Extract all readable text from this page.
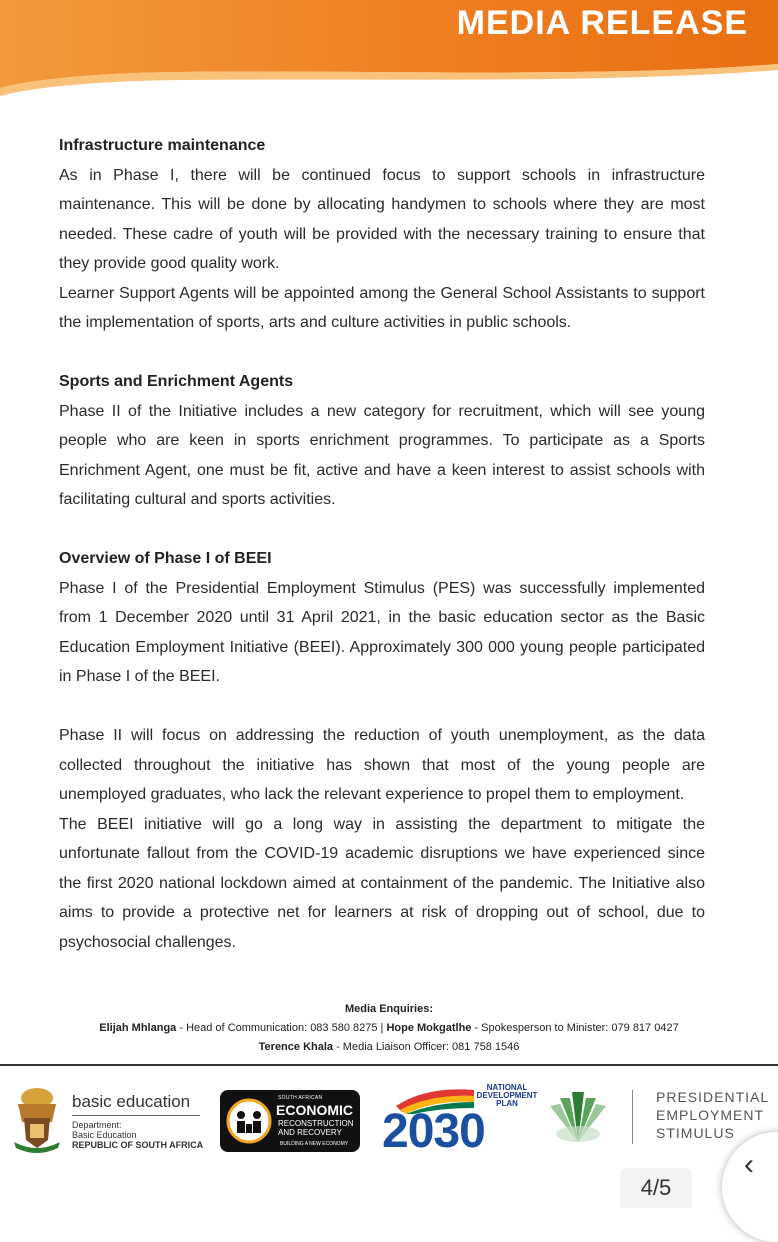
MEDIA RELEASE
Infrastructure maintenance

As in Phase I, there will be continued focus to support schools in infrastructure maintenance. This will be done by allocating handymen to schools where they are most needed. These cadre of youth will be provided with the necessary training to ensure that they provide good quality work.

Learner Support Agents will be appointed among the General School Assistants to support the implementation of sports, arts and culture activities in public schools.

Sports and Enrichment Agents

Phase II of the Initiative includes a new category for recruitment, which will see young people who are keen in sports enrichment programmes. To participate as a Sports Enrichment Agent, one must be fit, active and have a keen interest to assist schools with facilitating cultural and sports activities.

Overview of Phase I of BEEI

Phase I of the Presidential Employment Stimulus (PES) was successfully implemented from 1 December 2020 until 31 April 2021, in the basic education sector as the Basic Education Employment Initiative (BEEI). Approximately 300 000 young people participated in Phase I of the BEEI.

Phase II will focus on addressing the reduction of youth unemployment, as the data collected throughout the initiative has shown that most of the young people are unemployed graduates, who lack the relevant experience to propel them to employment.

The BEEI initiative will go a long way in assisting the department to mitigate the unfortunate fallout from the COVID-19 academic disruptions we have experienced since the first 2020 national lockdown aimed at containment of the pandemic. The Initiative also aims to provide a protective net for learners at risk of dropping out of school, due to psychosocial challenges.

Media Enquiries:
Elijah Mhlanga - Head of Communication: 083 580 8275 | Hope Mokgatlhe - Spokesperson to Minister: 079 817 0427
Terence Khala - Media Liaison Officer: 081 758 1546
basic education
Department:
Basic Education
REPUBLIC OF SOUTH AFRICA
SOUTH AFRICAN
ECONOMIC
RECONSTRUCTION
AND RECOVERY
BUILDING A NEW ECONOMY
NATIONAL
DEVELOPMENT
PLAN
2030
PRESIDENTIAL
EMPLOYMENT
STIMULUS
4/5
‹
